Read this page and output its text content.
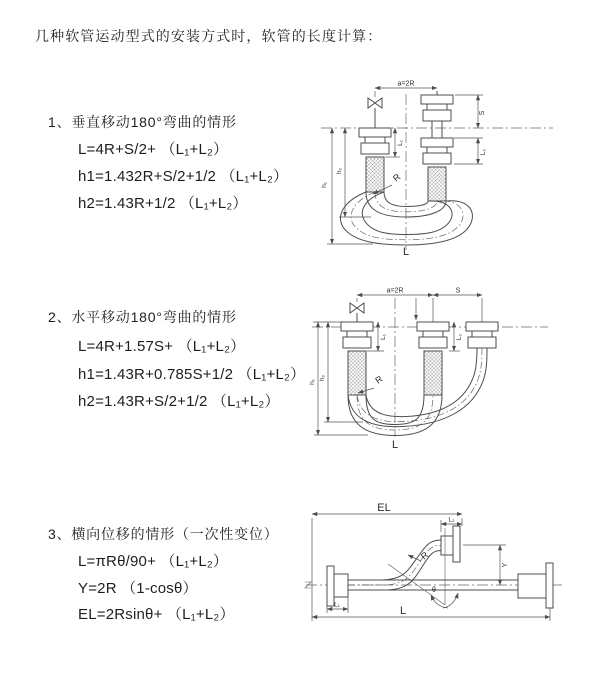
几种软管运动型式的安装方式时，软管的长度计算：
1、垂直移动180°弯曲的情形
L=4R+S/2+ （L₁+L₂）
h1=1.432R+S/2+1/2 （L₁+L₂）
h2=1.43R+1/2 （L₁+L₂）
2、水平移动180°弯曲的情形
L=4R+1.57S+ （L₁+L₂）
h1=1.43R+0.785S+1/2 （L₁+L₂）
h2=1.43R+S/2+1/2 （L₁+L₂）
3、横向位移的情形（一次性变位）
L=πRθ/90+ （L₁+L₂）
Y=2R （1-cosθ）
EL=2Rsinθ+ （L₁+L₂）
a=2R
S
L₂
L₁
h₂
h₁
R
L
a=2R	S
L₁	L₂
h₂
h₁	R
L
EL
L₂
Y
L
L₁
θ
R
